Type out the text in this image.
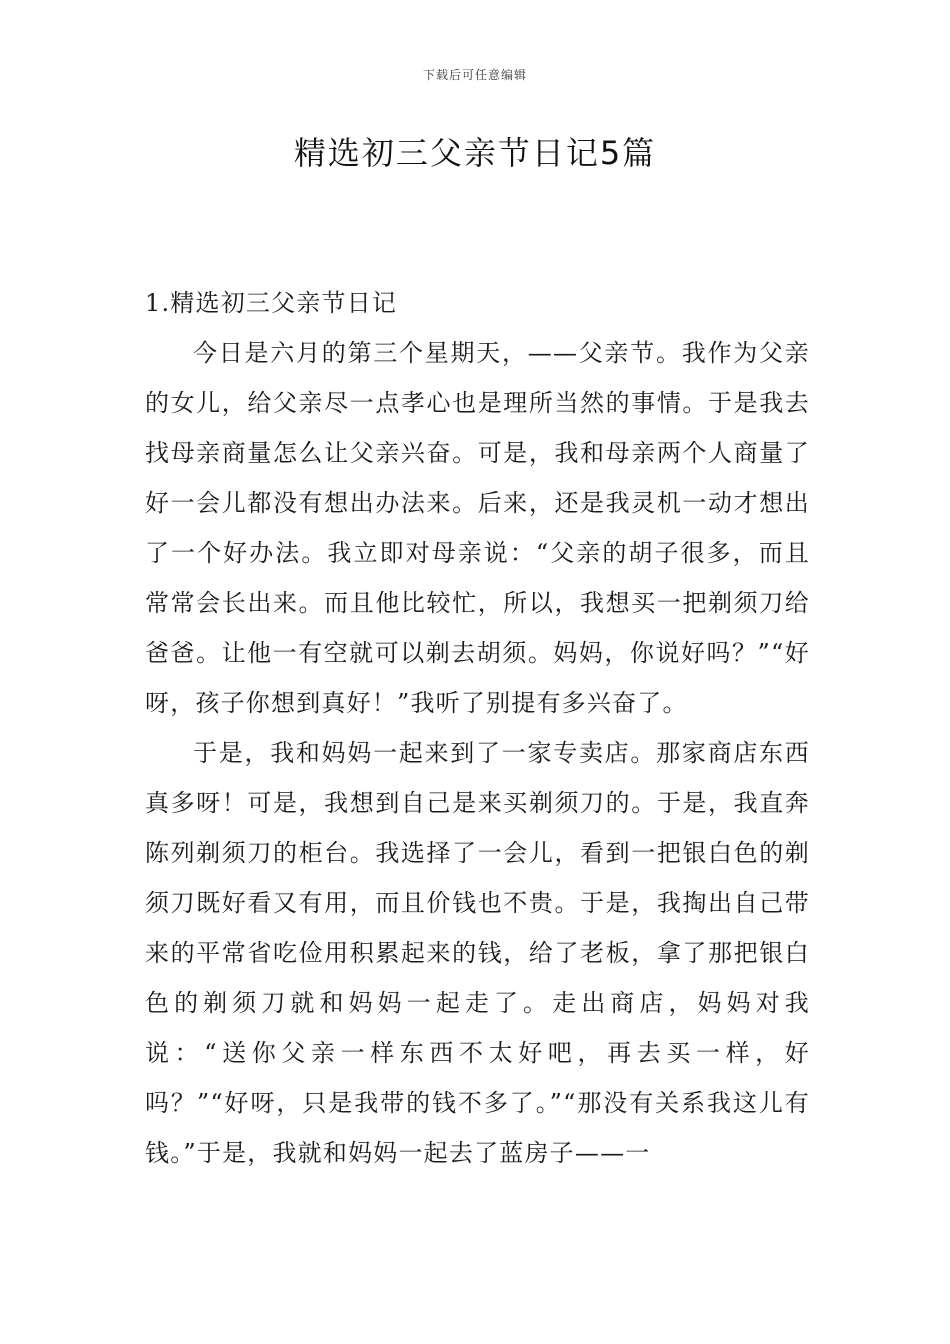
下载后可任意编辑
精选初三父亲节日记5篇

1.精选初三父亲节日记

今日是六月的第三个星期天，——父亲节。我作为父亲的女儿，给父亲尽一点孝心也是理所当然的事情。于是我去找母亲商量怎么让父亲兴奋。可是，我和母亲两个人商量了好一会儿都没有想出办法来。后来，还是我灵机一动才想出了一个好办法。我立即对母亲说：“父亲的胡子很多，而且常常会长出来。而且他比较忙，所以，我想买一把剃须刀给爸爸。让他一有空就可以剃去胡须。妈妈，你说好吗？”“好呀，孩子你想到真好！”我听了别提有多兴奋了。

于是，我和妈妈一起来到了一家专卖店。那家商店东西真多呀！可是，我想到自己是来买剃须刀的。于是，我直奔陈列剃须刀的柜台。我选择了一会儿，看到一把银白色的剃须刀既好看又有用，而且价钱也不贵。于是，我掏出自己带来的平常省吃俭用积累起来的钱，给了老板，拿了那把银白色的剃须刀就和妈妈一起走了。走出商店，妈妈对我说：“送你父亲一样东西不太好吧，再去买一样，好吗？”“好呀，只是我带的钱不多了。”“那没有关系我这儿有钱。”于是，我就和妈妈一起去了蓝房子——一
